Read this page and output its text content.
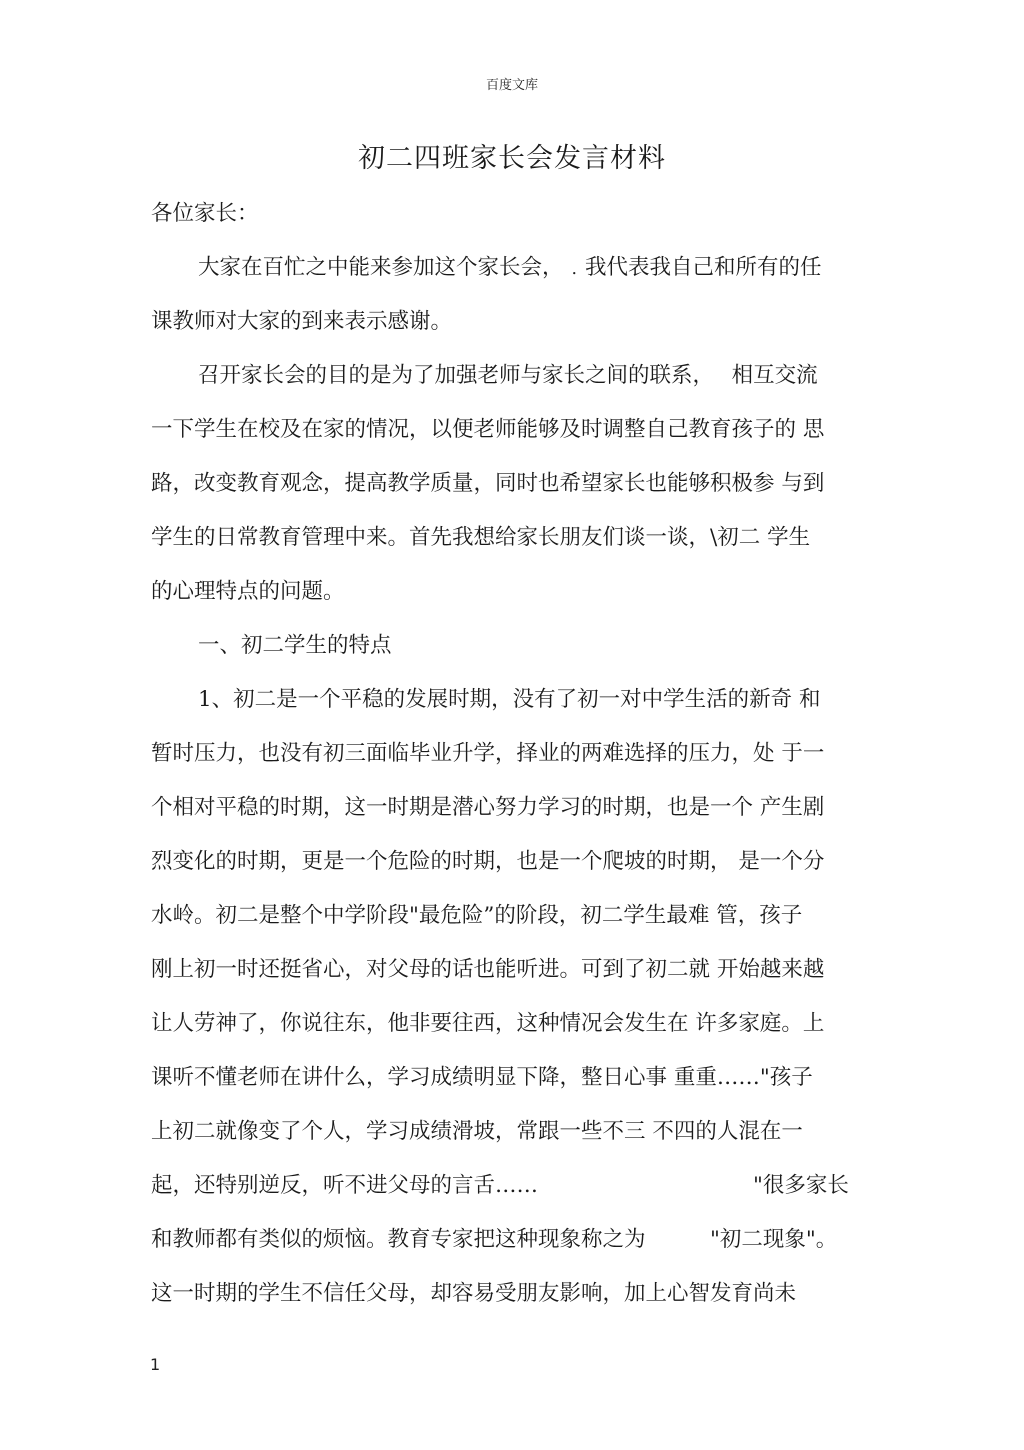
百度文库
初二四班家长会发言材料
各位家长：
大家在百忙之中能来参加这个家长会，﹒我代表我自己和所有的任
课教师对大家的到来表示感谢。
召开家长会的目的是为了加强老师与家长之间的联系，　 相互交流
一下学生在校及在家的情况，以便老师能够及时调整自己教育孩子的 思
路，改变教育观念，提高教学质量，同时也希望家长也能够积极参 与到
学生的日常教育管理中来。首先我想给家长朋友们谈一谈，\初二 学生
的心理特点的问题。
一、初二学生的特点
1、初二是一个平稳的发展时期，没有了初一对中学生活的新奇 和
暂时压力，也没有初三面临毕业升学，择业的两难选择的压力，处 于一
个相对平稳的时期，这一时期是潜心努力学习的时期，也是一个 产生剧
烈变化的时期，更是一个危险的时期，也是一个爬坡的时期， 是一个分
水岭。初二是整个中学阶段"最危险”的阶段，初二学生最难 管，孩子
刚上初一时还挺省心，对父母的话也能听进。可到了初二就 开始越来越
让人劳神了，你说往东，他非要往西，这种情况会发生在 许多家庭。上
课听不懂老师在讲什么，学习成绩明显下降，整日心事 重重……"孩子
上初二就像变了个人，学习成绩滑坡，常跟一些不三 不四的人混在一
起，还特别逆反，听不进父母的言舌……　　　　　　　　　　"很多家长
和教师都有类似的烦恼。教育专家把这种现象称之为　　　"初二现象"。
这一时期的学生不信任父母，却容易受朋友影响，加上心智发育尚未
1
